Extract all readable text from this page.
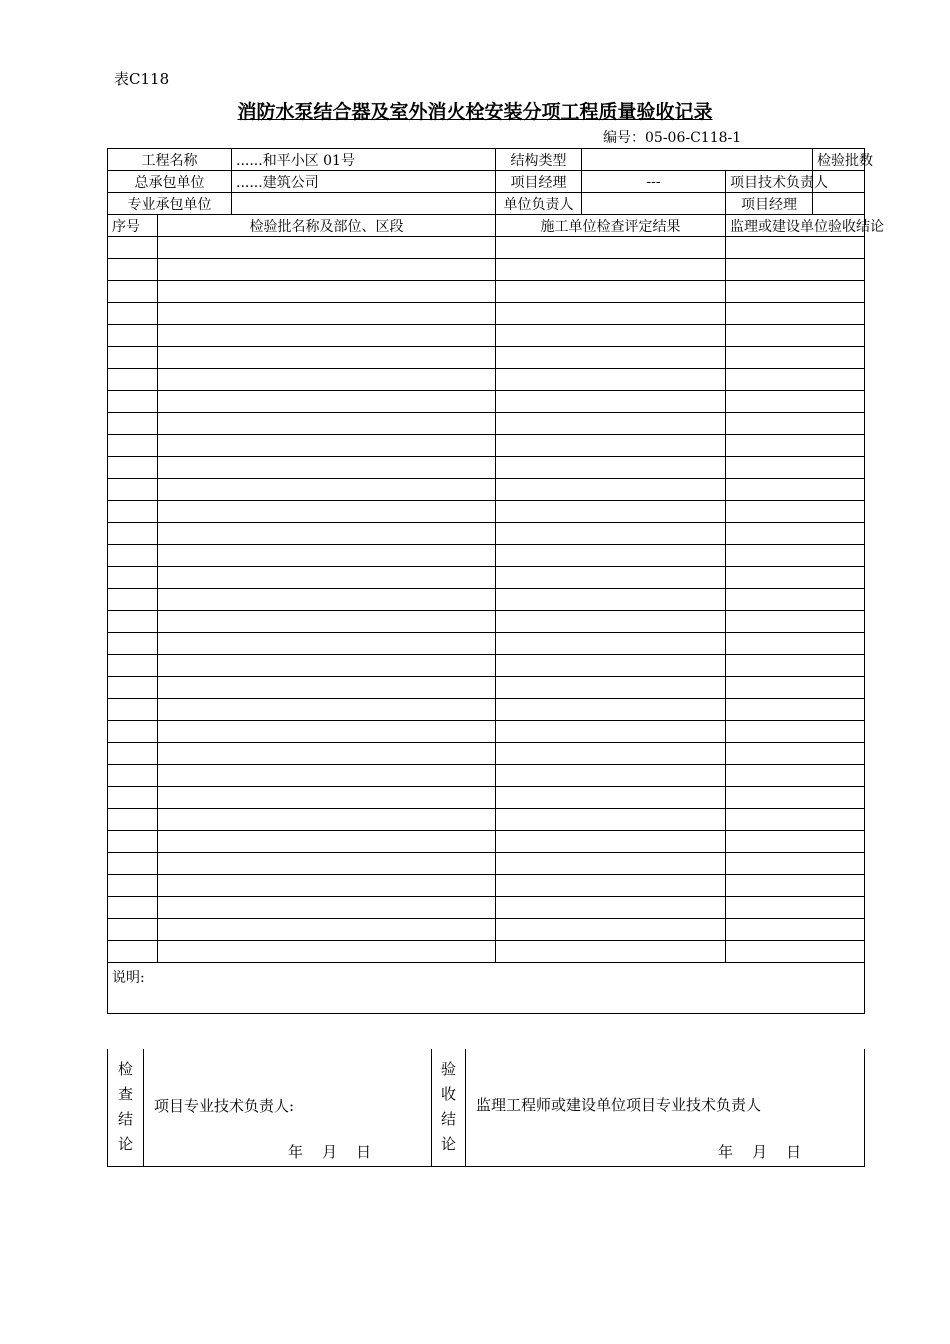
表C118
消防水泵结合器及室外消火栓安装分项工程质量验收记录
编号：05-06-C118-1
工程名称		......和平小区 01号	结构类型			检验批数	
总承包单位		......建筑公司	项目经理	---	项目技术负责人		
专业承包单位			单位负责人		项目经理		
序号	检验批名称及部位、区段		施工单位检查评定结果		监理或建设单位验收结论		

说明:							
检
查
结
论

项目专业技术负责人:
年    月    日

验
收
结
论

监理工程师或建设单位项目专业技术负责人
年    月    日
